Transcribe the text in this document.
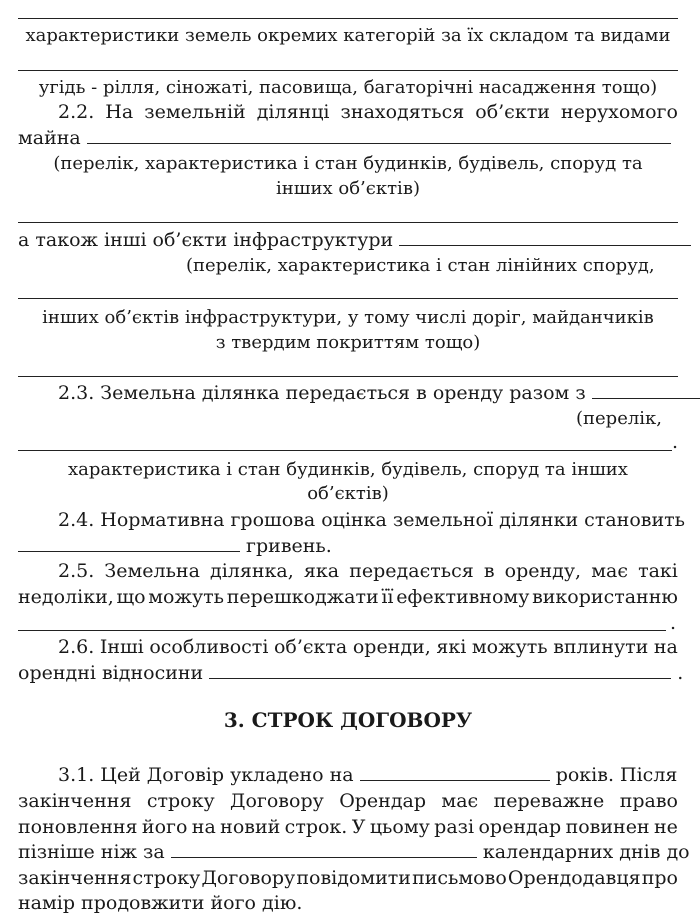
характеристики земель окремих категорій за їх складом та видами
угідь - рілля, сіножаті, пасовища, багаторічні насадження тощо)
2.2. На земельній ділянці знаходяться об’єкти нерухомого
майна
(перелік, характеристика і стан будинків, будівель, споруд та
інших об’єктів)
а також інші об’єкти інфраструктури
(перелік, характеристика і стан лінійних споруд,
інших об’єктів інфраструктури, у тому числі доріг, майданчиків
з твердим покриттям тощо)
2.3. Земельна ділянка передається в оренду разом з
(перелік,
.
характеристика і стан будинків, будівель, споруд та інших
об’єктів)
2.4. Нормативна грошова оцінка земельної ділянки становить
гривень.
2.5. Земельна ділянка, яка передається в оренду, має такі
недоліки, що можуть перешкоджати її ефективному використанню
.
2.6. Інші особливості об’єкта оренди, які можуть вплинути на
орендні відносини	.
3. СТРОК ДОГОВОРУ
3.1. Цей Договір укладено на	років. Після
закінчення строку Договору Орендар має переважне право
поновлення його на новий строк. У цьому разі орендар повинен не
пізніше ніж за	календарних днів до
закінчення строку Договору повідомити письмово Орендодавця про
намір продовжити його дію.
